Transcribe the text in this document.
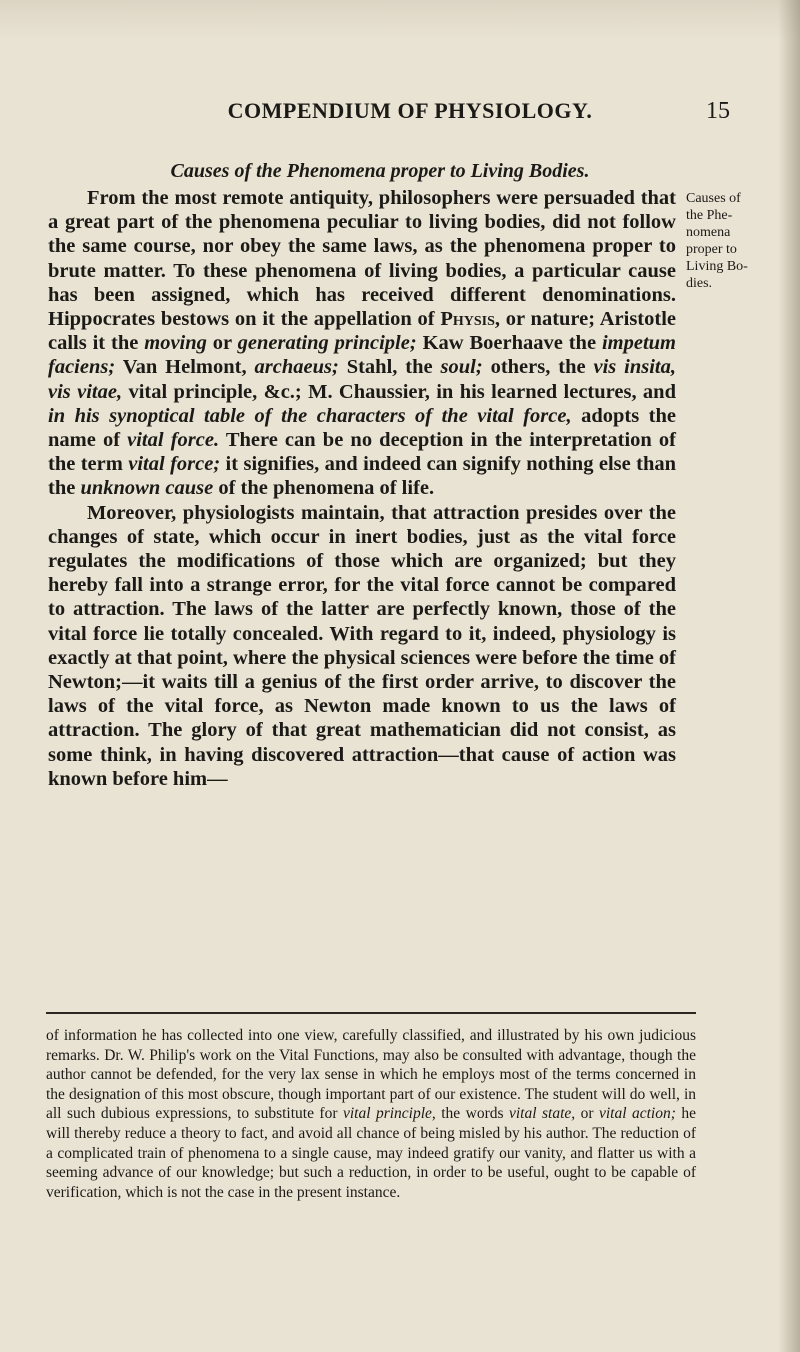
COMPENDIUM OF PHYSIOLOGY.	15
Causes of the Phenomena proper to Living Bodies.

From the most remote antiquity, philosophers were persuaded that a great part of the phenomena peculiar to living bodies, did not follow the same course, nor obey the same laws, as the phenomena proper to brute matter. To these phenomena of living bodies, a particular cause has been assigned, which has received different denominations. Hippocrates bestows on it the appellation of Physis, or nature; Aristotle calls it the moving or generating principle; Kaw Boerhaave the impetum faciens; Van Helmont, archaeus; Stahl, the soul; others, the vis insita, vis vitae, vital principle, &c.; M. Chaussier, in his learned lectures, and in his synoptical table of the characters of the vital force, adopts the name of vital force. There can be no deception in the interpretation of the term vital force; it signifies, and indeed can signify nothing else than the unknown cause of the phenomena of life.

Moreover, physiologists maintain, that attraction presides over the changes of state, which occur in inert bodies, just as the vital force regulates the modifications of those which are organized; but they hereby fall into a strange error, for the vital force cannot be compared to attraction. The laws of the latter are perfectly known, those of the vital force lie totally concealed. With regard to it, indeed, physiology is exactly at that point, where the physical sciences were before the time of Newton;—it waits till a genius of the first order arrive, to discover the laws of the vital force, as Newton made known to us the laws of attraction. The glory of that great mathematician did not consist, as some think, in having discovered attraction—that cause of action was known before him—

Causes of
the Phe-
nomena
proper to
Living Bo-
dies.

of information he has collected into one view, carefully classified, and illustrated by his own judicious remarks. Dr. W. Philip's work on the Vital Functions, may also be consulted with advantage, though the author cannot be defended, for the very lax sense in which he employs most of the terms concerned in the designation of this most obscure, though important part of our existence. The student will do well, in all such dubious expressions, to substitute for vital principle, the words vital state, or vital action; he will thereby reduce a theory to fact, and avoid all chance of being misled by his author. The reduction of a complicated train of phenomena to a single cause, may indeed gratify our vanity, and flatter us with a seeming advance of our knowledge; but such a reduction, in order to be useful, ought to be capable of verification, which is not the case in the present instance.
